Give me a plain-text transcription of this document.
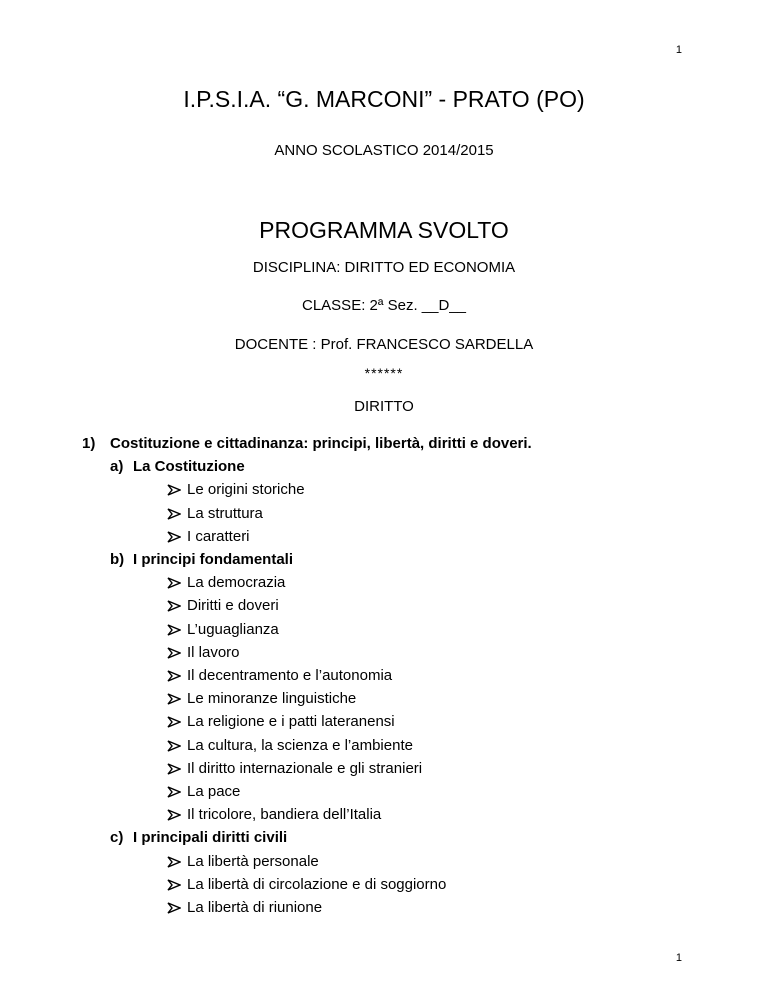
1
I.P.S.I.A. “G. MARCONI” - PRATO (PO)
ANNO SCOLASTICO 2014/2015
PROGRAMMA SVOLTO
DISCIPLINA: DIRITTO ED ECONOMIA
CLASSE: 2ª Sez. __D__
DOCENTE : Prof. FRANCESCO SARDELLA
******
DIRITTO
1) Costituzione e cittadinanza: principi, libertà, diritti e doveri.
a) La Costituzione
Le origini storiche
La struttura
I caratteri
b) I principi fondamentali
La democrazia
Diritti e doveri
L’uguaglianza
Il lavoro
Il decentramento e l’autonomia
Le minoranze linguistiche
La religione e i patti lateranensi
La cultura, la scienza e l’ambiente
Il diritto internazionale e gli stranieri
La pace
Il tricolore, bandiera dell’Italia
c) I principali diritti civili
La libertà personale
La libertà di circolazione e di soggiorno
La libertà di riunione
1
